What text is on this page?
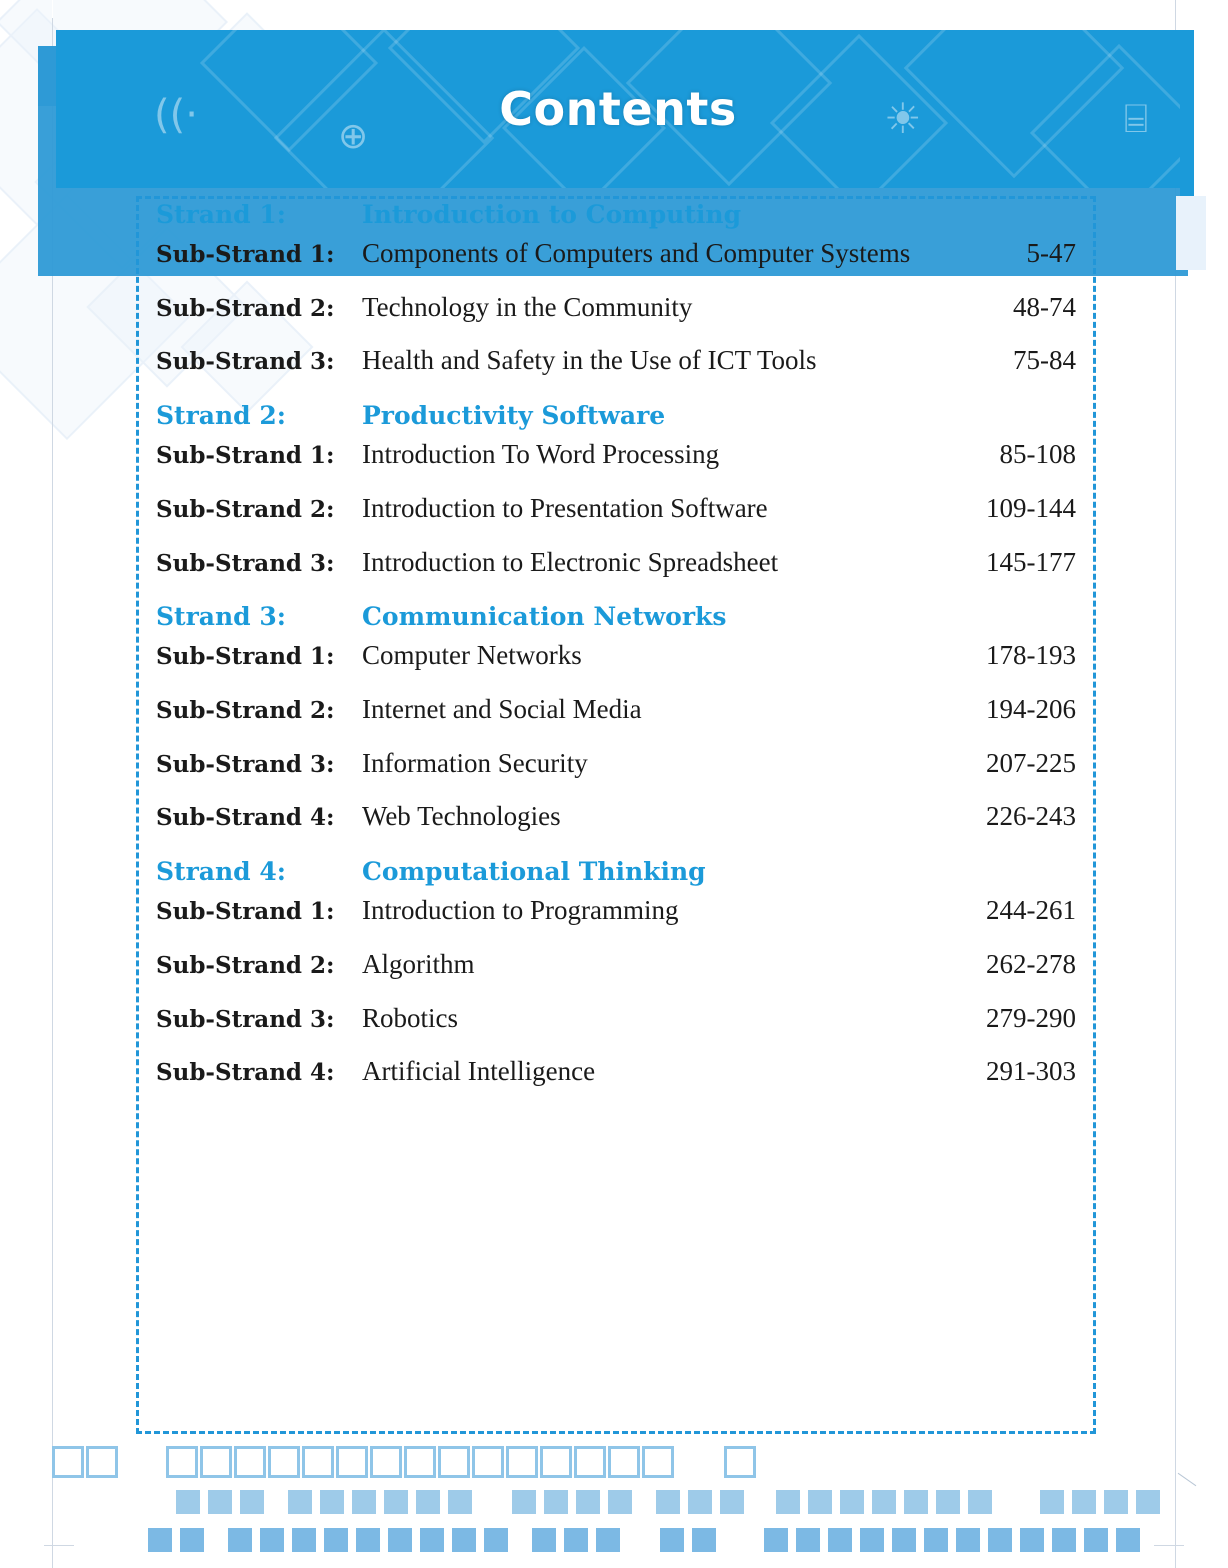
((·	⊕	☀	⌸
Contents
Strand 1:	Introduction to Computing
Sub-Strand 1:	Components of Computers and Computer Systems	5-47
Sub-Strand 2:	Technology in the Community	48-74
Sub-Strand 3:	Health and Safety in the Use of ICT Tools	75-84
Strand 2:	Productivity Software
Sub-Strand 1:	Introduction To Word Processing	85-108
Sub-Strand 2:	Introduction to Presentation Software	109-144
Sub-Strand 3:	Introduction to Electronic Spreadsheet	145-177
Strand 3:	Communication Networks
Sub-Strand 1:	Computer Networks	178-193
Sub-Strand 2:	Internet and Social Media	194-206
Sub-Strand 3:	Information Security	207-225
Sub-Strand 4:	Web Technologies	226-243
Strand 4:	Computational Thinking
Sub-Strand 1:	Introduction to Programming	244-261
Sub-Strand 2:	Algorithm	262-278
Sub-Strand 3:	Robotics	279-290
Sub-Strand 4:	Artificial Intelligence	291-303
